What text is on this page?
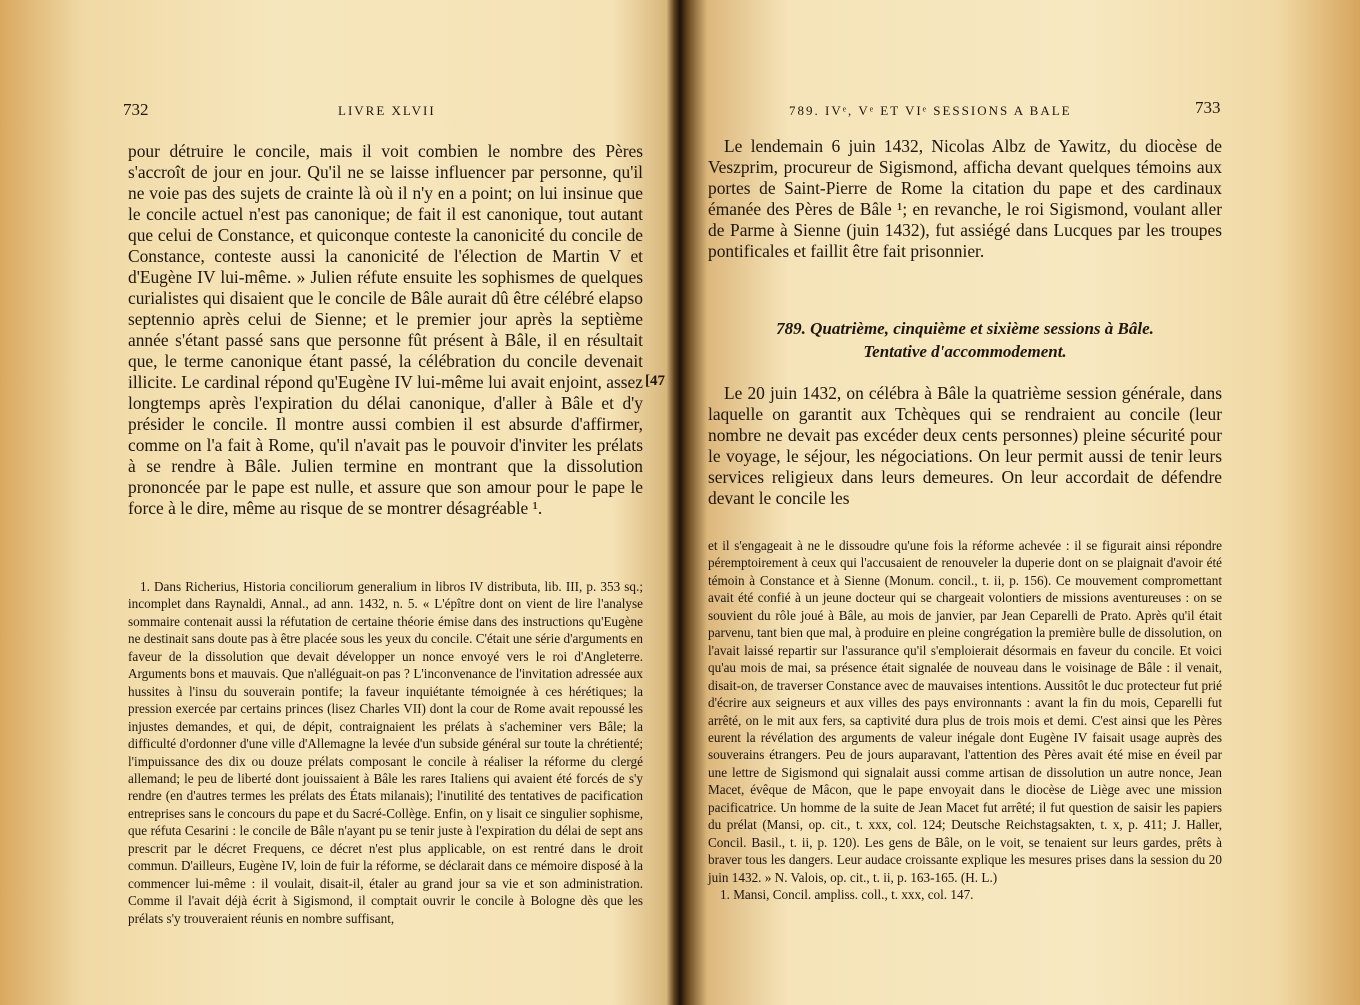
732	LIVRE XLVII

pour détruire le concile, mais il voit combien le nombre des Pères s'accroît de jour en jour. Qu'il ne se laisse influencer par personne, qu'il ne voie pas des sujets de crainte là où il n'y en a point; on lui insinue que le concile actuel n'est pas canonique; de fait il est canonique, tout autant que celui de Constance, et quiconque conteste la canonicité du concile de Constance, conteste aussi la canonicité de l'élection de Martin V et d'Eugène IV lui-même. » Julien réfute ensuite les sophismes de quelques curialistes qui disaient que le concile de Bâle aurait dû être célébré elapso septennio après celui de Sienne; et le premier jour après la septième année s'étant passé sans que personne fût présent à Bâle, il en résultait que, le terme canonique étant passé, la célébration du concile devenait illicite. Le cardinal répond qu'Eugène IV lui-même lui avait enjoint, assez longtemps après l'expiration du délai canonique, d'aller à Bâle et d'y présider le concile. Il montre aussi combien il est absurde d'affirmer, comme on l'a fait à Rome, qu'il n'avait pas le pouvoir d'inviter les prélats à se rendre à Bâle. Julien termine en montrant que la dissolution prononcée par le pape est nulle, et assure que son amour pour le pape le force à le dire, même au risque de se montrer désagréable ¹.

[47

1. Dans Richerius, Historia conciliorum generalium in libros IV distributa, lib. III, p. 353 sq.; incomplet dans Raynaldi, Annal., ad ann. 1432, n. 5. « L'épître dont on vient de lire l'analyse sommaire contenait aussi la réfutation de certaine théorie émise dans des instructions qu'Eugène ne destinait sans doute pas à être placée sous les yeux du concile. C'était une série d'arguments en faveur de la dissolution que devait développer un nonce envoyé vers le roi d'Angleterre. Arguments bons et mauvais. Que n'alléguait-on pas ? L'inconvenance de l'invitation adressée aux hussites à l'insu du souverain pontife; la faveur inquiétante témoignée à ces hérétiques; la pression exercée par certains princes (lisez Charles VII) dont la cour de Rome avait repoussé les injustes demandes, et qui, de dépit, contraignaient les prélats à s'acheminer vers Bâle; la difficulté d'ordonner d'une ville d'Allemagne la levée d'un subside général sur toute la chrétienté; l'impuissance des dix ou douze prélats composant le concile à réaliser la réforme du clergé allemand; le peu de liberté dont jouissaient à Bâle les rares Italiens qui avaient été forcés de s'y rendre (en d'autres termes les prélats des États milanais); l'inutilité des tentatives de pacification entreprises sans le concours du pape et du Sacré-Collège. Enfin, on y lisait ce singulier sophisme, que réfuta Cesarini : le concile de Bâle n'ayant pu se tenir juste à l'expiration du délai de sept ans prescrit par le décret Frequens, ce décret n'est plus applicable, on est rentré dans le droit commun. D'ailleurs, Eugène IV, loin de fuir la réforme, se déclarait dans ce mémoire disposé à la commencer lui-même : il voulait, disait-il, étaler au grand jour sa vie et son administration. Comme il l'avait déjà écrit à Sigismond, il comptait ouvrir le concile à Bologne dès que les prélats s'y trouveraient réunis en nombre suffisant,

789. IVᵉ, Vᵉ ET VIᵉ SESSIONS A BALE	733

Le lendemain 6 juin 1432, Nicolas Albz de Yawitz, du diocèse de Veszprim, procureur de Sigismond, afficha devant quelques témoins aux portes de Saint-Pierre de Rome la citation du pape et des cardinaux émanée des Pères de Bâle ¹; en revanche, le roi Sigismond, voulant aller de Parme à Sienne (juin 1432), fut assiégé dans Lucques par les troupes pontificales et faillit être fait prisonnier.

789. Quatrième, cinquième et sixième sessions à Bâle.
Tentative d'accommodement.

Le 20 juin 1432, on célébra à Bâle la quatrième session générale, dans laquelle on garantit aux Tchèques qui se rendraient au concile (leur nombre ne devait pas excéder deux cents personnes) pleine sécurité pour le voyage, le séjour, les négociations. On leur permit aussi de tenir leurs services religieux dans leurs demeures. On leur accordait de défendre devant le concile les

et il s'engageait à ne le dissoudre qu'une fois la réforme achevée : il se figurait ainsi répondre péremptoirement à ceux qui l'accusaient de renouveler la duperie dont on se plaignait d'avoir été témoin à Constance et à Sienne (Monum. concil., t. ii, p. 156). Ce mouvement compromettant avait été confié à un jeune docteur qui se chargeait volontiers de missions aventureuses : on se souvient du rôle joué à Bâle, au mois de janvier, par Jean Ceparelli de Prato. Après qu'il était parvenu, tant bien que mal, à produire en pleine congrégation la première bulle de dissolution, on l'avait laissé repartir sur l'assurance qu'il s'emploierait désormais en faveur du concile. Et voici qu'au mois de mai, sa présence était signalée de nouveau dans le voisinage de Bâle : il venait, disait-on, de traverser Constance avec de mauvaises intentions. Aussitôt le duc protecteur fut prié d'écrire aux seigneurs et aux villes des pays environnants : avant la fin du mois, Ceparelli fut arrêté, on le mit aux fers, sa captivité dura plus de trois mois et demi. C'est ainsi que les Pères eurent la révélation des arguments de valeur inégale dont Eugène IV faisait usage auprès des souverains étrangers. Peu de jours auparavant, l'attention des Pères avait été mise en éveil par une lettre de Sigismond qui signalait aussi comme artisan de dissolution un autre nonce, Jean Macet, évêque de Mâcon, que le pape envoyait dans le diocèse de Liège avec une mission pacificatrice. Un homme de la suite de Jean Macet fut arrêté; il fut question de saisir les papiers du prélat (Mansi, op. cit., t. xxx, col. 124; Deutsche Reichstagsakten, t. x, p. 411; J. Haller, Concil. Basil., t. ii, p. 120). Les gens de Bâle, on le voit, se tenaient sur leurs gardes, prêts à braver tous les dangers. Leur audace croissante explique les mesures prises dans la session du 20 juin 1432. » N. Valois, op. cit., t. ii, p. 163-165. (H. L.)

1. Mansi, Concil. ampliss. coll., t. xxx, col. 147.
